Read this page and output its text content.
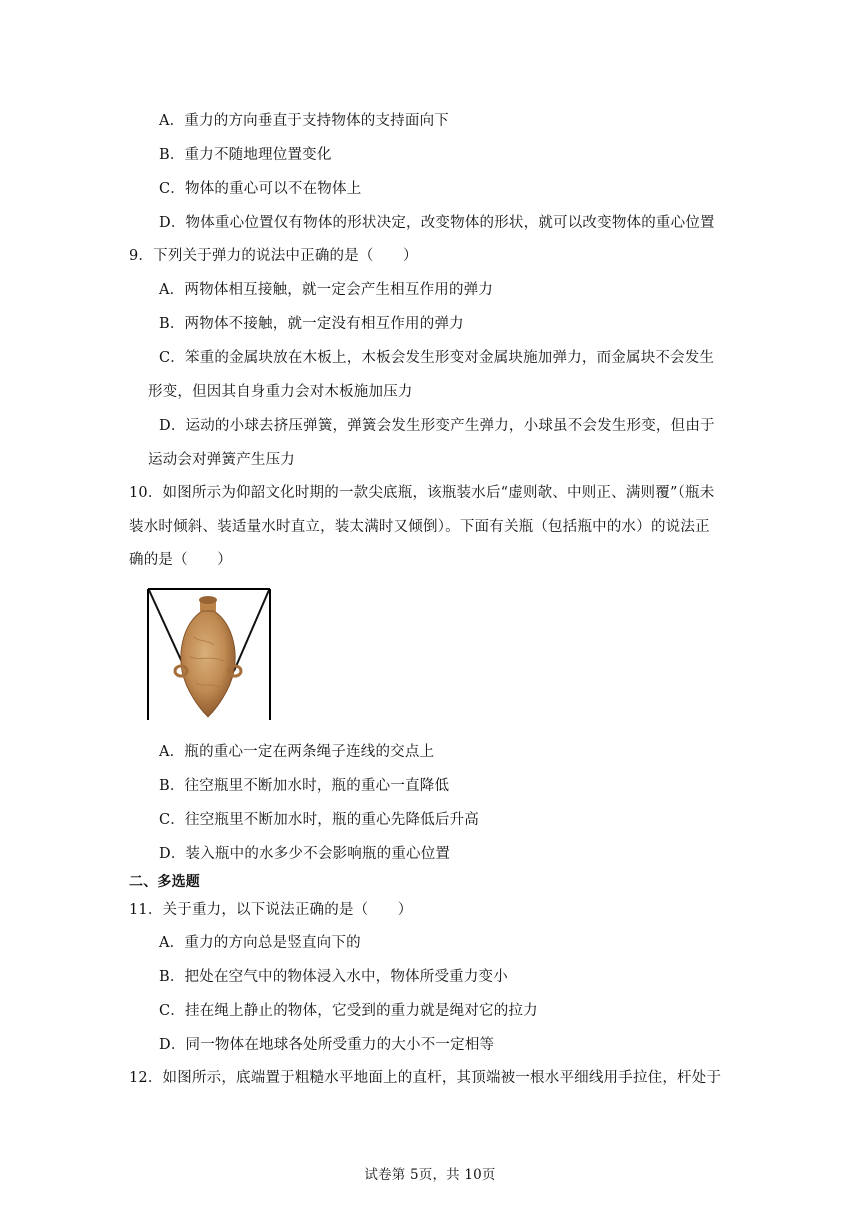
A．重力的方向垂直于支持物体的支持面向下
B．重力不随地理位置变化
C．物体的重心可以不在物体上
D．物体重心位置仅有物体的形状决定，改变物体的形状，就可以改变物体的重心位置
9．下列关于弹力的说法中正确的是（　　）
A．两物体相互接触，就一定会产生相互作用的弹力
B．两物体不接触，就一定没有相互作用的弹力
C．笨重的金属块放在木板上，木板会发生形变对金属块施加弹力，而金属块不会发生
形变，但因其自身重力会对木板施加压力
D．运动的小球去挤压弹簧，弹簧会发生形变产生弹力，小球虽不会发生形变，但由于
运动会对弹簧产生压力
10．如图所示为仰韶文化时期的一款尖底瓶，该瓶装水后“虚则欹、中则正、满则覆”（瓶未
装水时倾斜、装适量水时直立，装太满时又倾倒）。下面有关瓶（包括瓶中的水）的说法正
确的是（　　）
A．瓶的重心一定在两条绳子连线的交点上
B．往空瓶里不断加水时，瓶的重心一直降低
C．往空瓶里不断加水时，瓶的重心先降低后升高
D．装入瓶中的水多少不会影响瓶的重心位置
二、多选题
11．关于重力，以下说法正确的是（　　）
A．重力的方向总是竖直向下的
B．把处在空气中的物体浸入水中，物体所受重力变小
C．挂在绳上静止的物体，它受到的重力就是绳对它的拉力
D．同一物体在地球各处所受重力的大小不一定相等
12．如图所示，底端置于粗糙水平地面上的直杆，其顶端被一根水平细线用手拉住，杆处于
试卷第 5页，共 10页
